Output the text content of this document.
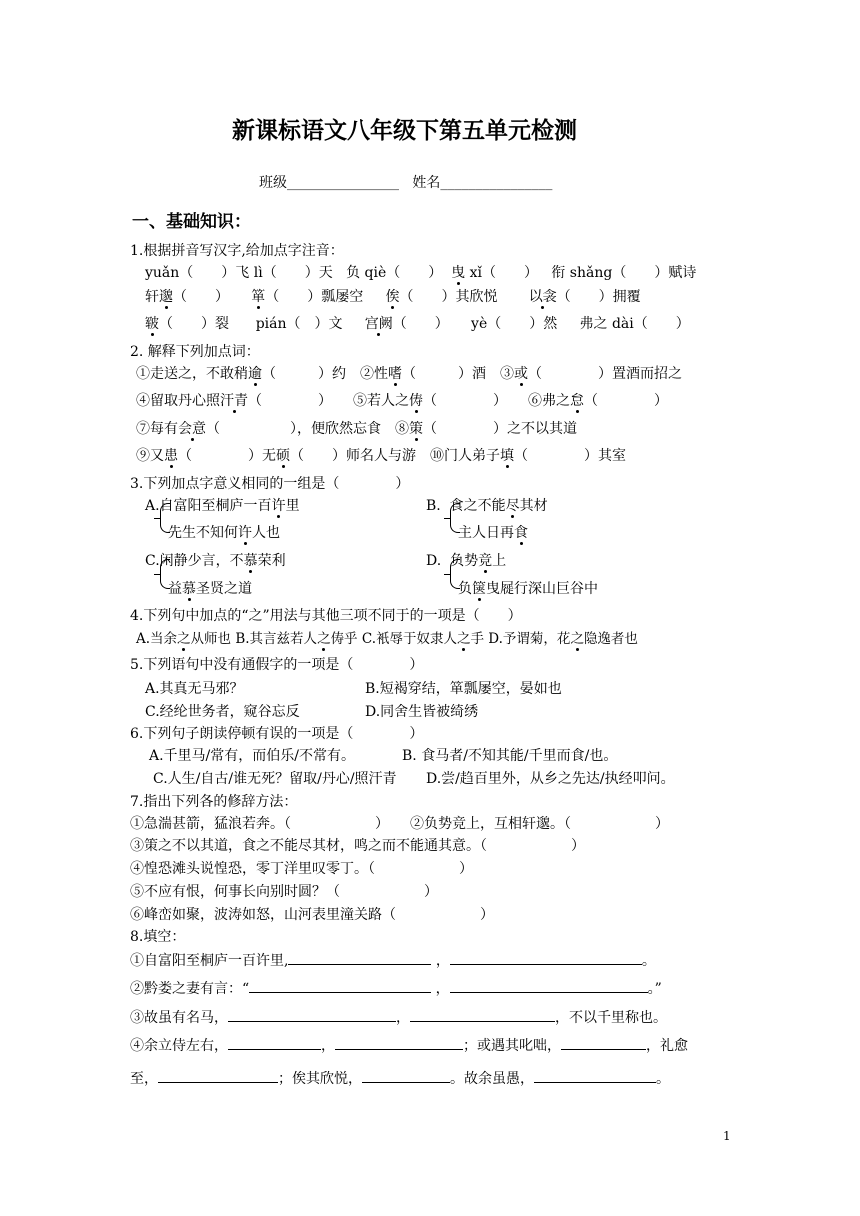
新课标语文八年级下第五单元检测
班级________________ 姓名________________
一、基础知识：
1.根据拼音写汉字,给加点字注音：
yuǎn（　　）飞 lì（　　）天 负 qiè（　　） 曳 xǐ（　　） 衔 shǎng（　　）赋诗
轩邈（　　） 箪（　　）瓢屡空 俟（　　）其欣悦 以衾（　　）拥覆
皲（　　）裂 pián（　）文 宫阙（　　） yè（　　）然 弗之 dài（　　）
2. 解释下列加点词：
①走送之，不敢稍逾（　　　）约　②性嗜（　　　）酒　③或（　　　　）置酒而招之
④留取丹心照汗青（　　　　）　　⑤若人之俦（　　　　）　　⑥弗之怠（　　　　）
⑦每有会意（　　　　　），便欣然忘食　⑧策（　　　　）之不以其道
⑨又患（　　　　）无硕（　　）师名人与游　⑩门人弟子填（　　　　）其室
3.下列加点字意义相同的一组是（　　　　）
A.自富阳至桐庐一百许里
先生不知何许人也
B. 食之不能尽其材
主人日再食
C.闲静少言，不慕荣利
益慕圣贤之道
D. 负势竞上
负箧曳屣行深山巨谷中
4.下列句中加点的“之”用法与其他三项不同于的一项是（　　）
A.当余之从师也 B.其言兹若人之俦乎 C.衹辱于奴隶人之手 D.予谓菊，花之隐逸者也
5.下列语句中没有通假字的一项是（　　　　）
A.其真无马邪？	B.短褐穿结，箪瓢屡空，晏如也
C.经纶世务者，窥谷忘反	D.同舍生皆被绮绣
6.下列句子朗读停顿有误的一项是（　　　　）
A.千里马/常有，而伯乐/不常有。	B. 食马者/不知其能/千里而食/也。
C.人生/自古/谁无死？留取/丹心/照汗青 D.尝/趋百里外，从乡之先达/执经叩问。
7.指出下列各的修辞方法：
①急湍甚箭，猛浪若奔。（　　　　　　）　　②负势竞上，互相轩邈。（　　　　　　）
③策之不以其道，食之不能尽其材，鸣之而不能通其意。（　　　　　　）
④惶恐滩头说惶恐，零丁洋里叹零丁。（　　　　　　）
⑤不应有恨，何事长向别时圆？（　　　　　　）
⑥峰峦如聚，波涛如怒，山河表里潼关路（　　　　　　）
8.填空：
①自富阳至桐庐一百许里,	，	。
②黔娄之妻有言：“	，	。”
③故虽有名马，	，	，不以千里称也。
④余立侍左右，	，	；或遇其叱咄，	，礼愈
至，	；俟其欣悦，	。故余虽愚，	。
1
